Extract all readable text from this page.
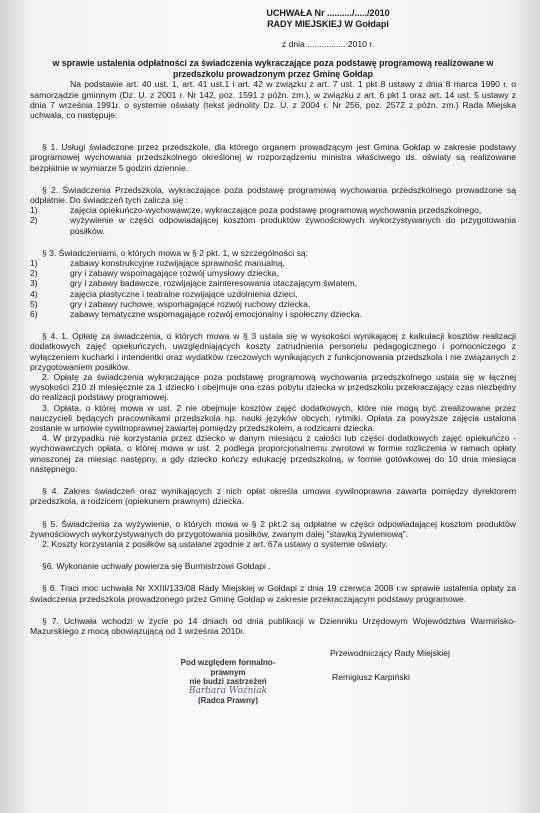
UCHWAŁA Nr ........../...../2010
RADY MIEJSKIEJ W Gołdapi
z dnia ................ 2010 r.
w sprawie ustalenia odpłatności za świadczenia wykraczające poza podstawę programową realizowane w
przedszkolu prowadzonym przez Gminę Gołdap

Na podstawie art. 40 ust. 1, art. 41 ust.1 i art. 42 w związku z art. 7 ust. 1 pkt 8 ustawy z dnia 8 marca 1990 r. o samorządzie gminnym (Dz. U. z 2001 r. Nr 142, poz. 1591 z późn. zm.), w związku z art. 6 pkt 1 oraz art. 14 ust. 5 ustawy z dnia 7 września 1991r. o systemie oświaty (tekst jednolity Dz. U. z 2004 r. Nr 256, poz. 2572 z późn. zm.) Rada Miejska uchwala, co następuje:

§ 1. Usługi świadczone przez przedszkole, dla którego organem prowadzącym jest Gmina Gołdap w zakresie podstawy programowej wychowania przedszkolnego określonej w rozporządzeniu ministra właściwego ds. oświaty są realizowane bezpłatnie w wymiarze 5 godzin dziennie.

§ 2. Świadczenia Przedszkola, wykraczające poza podstawę programową wychowania przedszkolnego prowadzone są odpłatnie. Do świadczeń tych zalicza się :

1)	zajęcia opiekuńczo-wychowawcze, wykraczające poza podstawę programową wychowania przedszkolnego,
2)	wyżywienie w części odpowiadającej kosztom produktów żywnościowych wykorzystywanych do przygotowania posiłków.

§ 3. Świadczeniami, o których mowa w § 2 pkt. 1, w szczególności są:

1)	zabawy konstrukcyjne rozwijające sprawność manualną,
2)	gry i zabawy wspomagające rozwój umysłowy dziecka,
3)	gry i zabawy badawcze, rozwijające zainteresowania otaczającym światem,
4)	zajęcia plastyczne i teatralne rozwijające uzdolnienia dzieci,
5)	gry i zabawy ruchowe, wspomagające rozwój ruchowy dziecka,
6)	zabawy tematyczne wspomagające rozwój emocjonalny i społeczny dziecka.

§ 4. 1. Opłatę za świadczenia, o których mowa w § 3 ustala się w wysokości wynikającej z kalkulacji kosztów realizacji dodatkowych zajęć opiekuńczych, uwzględniających koszty zatrudnienia personelu pedagogicznego i pomocniczego z wyłączeniem kucharki i intendentki oraz wydatków rzeczowych wynikających z funkcjonowania przedszkola i nie związanych z przygotowaniem posiłków.

2. Opłatę za świadczenia wykraczające poza podstawę programową wychowania przedszkolnego ustala się w łącznej wysokości 210 zł miesięcznie za 1 dziecko i obejmuje ona czas pobytu dziecka w przedszkolu przekraczający czas niezbędny do realizacji podstawy programowej.

3. Opłata, o której mowa w ust. 2 nie obejmuje kosztów zajęć dodatkowych, które nie mogą być zrealizowane przez nauczycieli będących pracownikami przedszkola np. nauki języków obcych, rytmiki. Opłata za powyższe zajęcia ustalona zostanie w umowie cywilnoprawnej zawartej pomiędzy przedszkolem, a rodzicami dziecka.

4. W przypadku nie korzystania przez dziecko w danym miesiącu z całości lub części dodatkowych zajęć opiekuńczo - wychowawczych opłata, o której mowa w ust. 2 podlega proporcjonalnemu zwrotowi w formie rozliczenia w ramach opłaty wnoszonej za miesiąc następny, a gdy dziecko kończy edukację przedszkolną, w formie gotówkowej do 10 dnia miesiąca następnego.

§ 4. Zakres świadczeń oraz wynikających z nich opłat określa umowa cywilnoprawna zawarta pomiędzy dyrektorem przedszkola, a rodzicem (opiekunem prawnym) dziecka.

§ 5. Świadczenia za wyżywienie, o których mowa w § 2 pkt.2 są odpłatne w części odpowiadającej kosztom produktów żywnościowych wykorzystywanych do przygotowania posiłków, zwanym dalej "stawką żywieniową".

2. Koszty korzystania z posiłków są ustalane zgodnie z art. 67a ustawy o systemie oświaty.

§6. Wykonanie uchwały powierza się Burmistrzowi Gołdapi .

§ 6. Traci moc uchwała Nr XXIII/133/08 Rady Miejskiej w Gołdapi z dnia 19 czerwca 2008 r.w sprawie ustalenia opłaty za świadczenia przedszkola prowadzonego przez Gminę Gołdap w zakresie przekraczającym podstawy programowe.

§ 7. Uchwała wchodzi w życie po 14 dniach od dnia publikacji w Dzienniku Urzędowym Województwa Warmińsko-Mazurskiego z mocą obowiązującą od 1 września 2010r.

Pod względem formalno-prawnym
nie budzi zastrzeżeń
Barbara Woźniak
(Radca Prawny)
Przewodniczący Rady Miejskiej
Remigiusz Karpiński
